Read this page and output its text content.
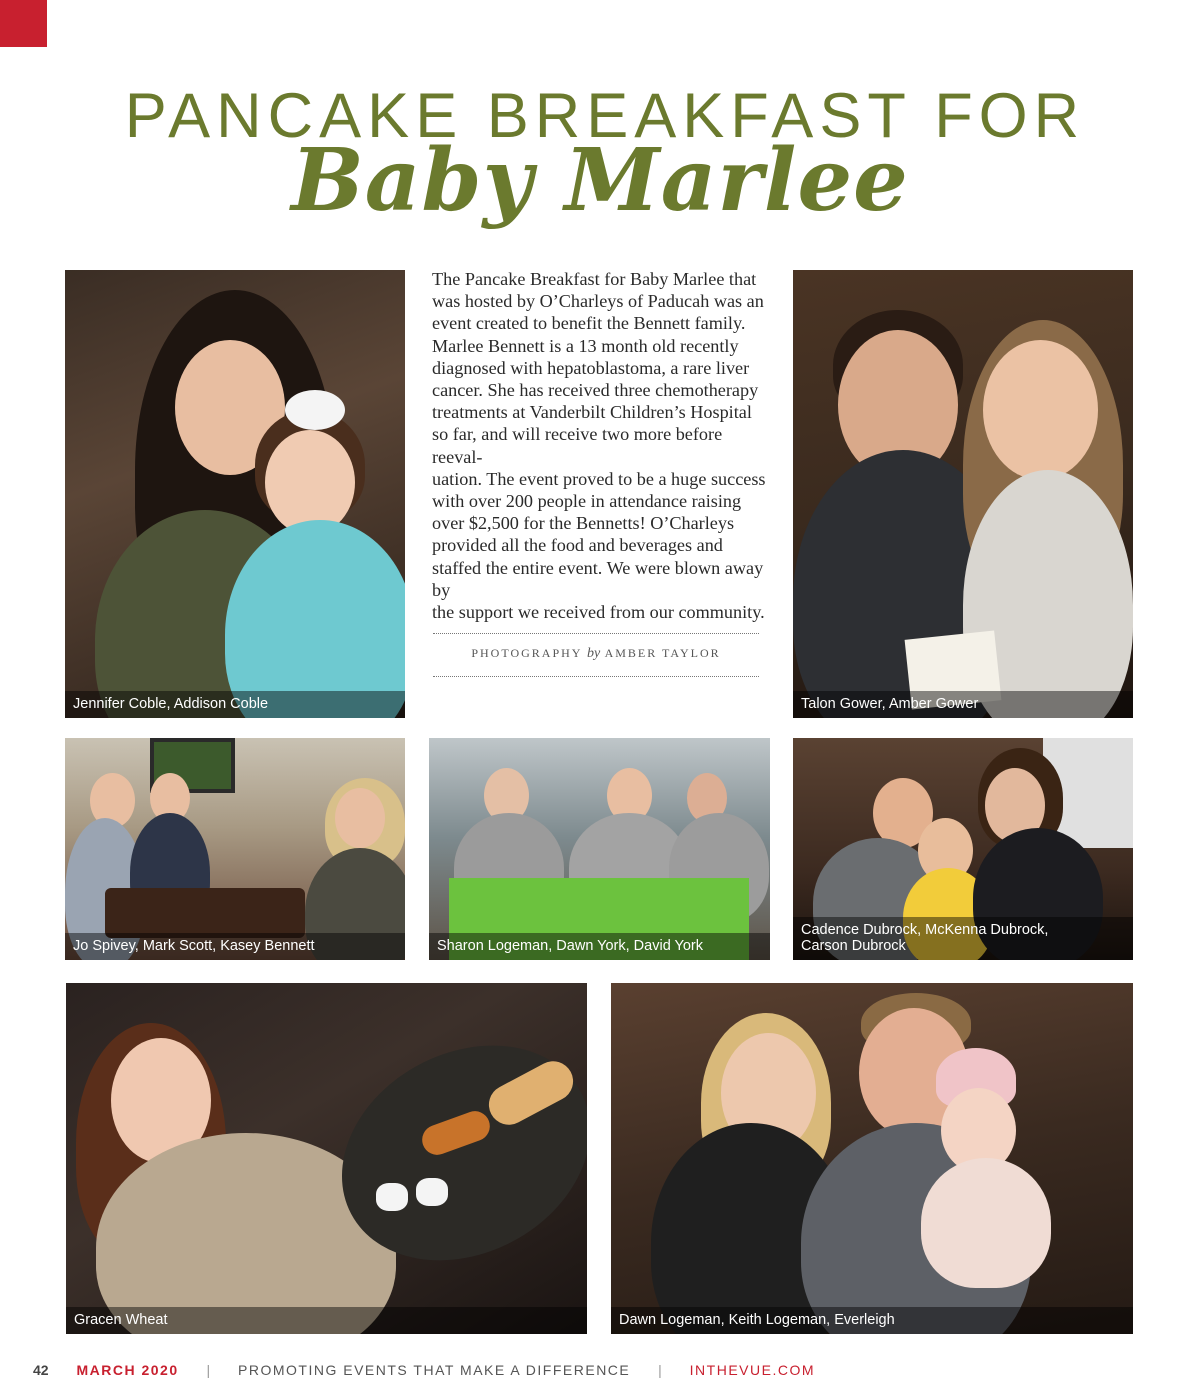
PANCAKE BREAKFAST FOR
Baby Marlee
Jennifer Coble, Addison Coble
The Pancake Breakfast for Baby Marlee that
was hosted by O’Charleys of Paducah was an
event created to benefit the Bennett family.
Marlee Bennett is a 13 month old recently
diagnosed with hepatoblastoma, a rare liver
cancer. She has received three chemotherapy
treatments at Vanderbilt Children’s Hospital
so far, and will receive two more before reeval-
uation. The event proved to be a huge success
with over 200 people in attendance raising
over $2,500 for the Bennetts! O’Charleys
provided all the food and beverages and
staffed the entire event. We were blown away by
the support we received from our community.
PHOTOGRAPHY by AMBER TAYLOR
Talon Gower, Amber Gower
Jo Spivey, Mark Scott, Kasey Bennett	Sharon Logeman, Dawn York, David York
Cadence Dubrock, McKenna Dubrock,
Carson Dubrock
Gracen Wheat	Dawn Logeman, Keith Logeman, Everleigh
42 MARCH 2020 | PROMOTING EVENTS THAT MAKE A DIFFERENCE | INTHEVUE.COM
